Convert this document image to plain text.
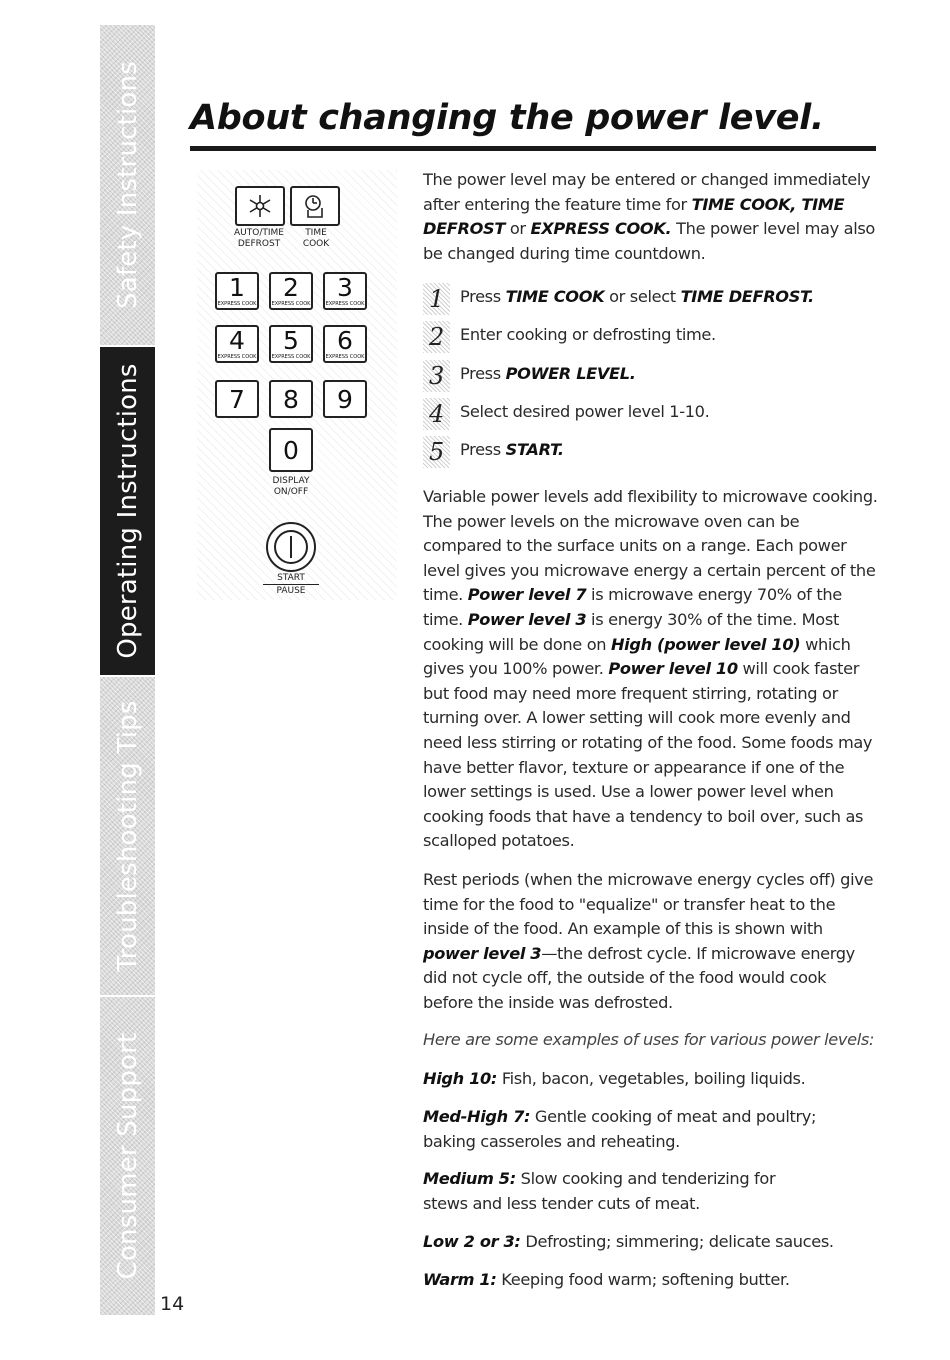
Safety Instructions
Operating Instructions
Troubleshooting Tips
Consumer Support
14
About changing the power level.
AUTO/TIME
DEFROST
TIME
COOK
1
EXPRESS COOK
2
EXPRESS COOK
3
EXPRESS COOK
4
EXPRESS COOK
5
EXPRESS COOK
6
EXPRESS COOK
7	8	9
0
DISPLAY
ON/OFF
START
PAUSE

The power level may be entered or changed immediately after entering the feature time for TIME COOK, TIME DEFROST or EXPRESS COOK. The power level may also be changed during time countdown.

1 Press TIME COOK or select TIME DEFROST.
2 Enter cooking or defrosting time.
3 Press POWER LEVEL.
4 Select desired power level 1-10.
5 Press START.

Variable power levels add flexibility to microwave cooking. The power levels on the microwave oven can be compared to the surface units on a range. Each power level gives you microwave energy a certain percent of the time. Power level 7 is microwave energy 70% of the time. Power level 3 is energy 30% of the time. Most cooking will be done on High (power level 10) which gives you 100% power. Power level 10 will cook faster but food may need more frequent stirring, rotating or turning over. A lower setting will cook more evenly and need less stirring or rotating of the food. Some foods may have better flavor, texture or appearance if one of the lower settings is used. Use a lower power level when cooking foods that have a tendency to boil over, such as scalloped potatoes.

Rest periods (when the microwave energy cycles off) give time for the food to "equalize" or transfer heat to the inside of the food. An example of this is shown with power level 3—the defrost cycle. If microwave energy did not cycle off, the outside of the food would cook before the inside was defrosted.

Here are some examples of uses for various power levels:

High 10: Fish, bacon, vegetables, boiling liquids.

Med-High 7: Gentle cooking of meat and poultry; baking casseroles and reheating.

Medium 5: Slow cooking and tenderizing for stews and less tender cuts of meat.

Low 2 or 3: Defrosting; simmering; delicate sauces.

Warm 1: Keeping food warm; softening butter.
